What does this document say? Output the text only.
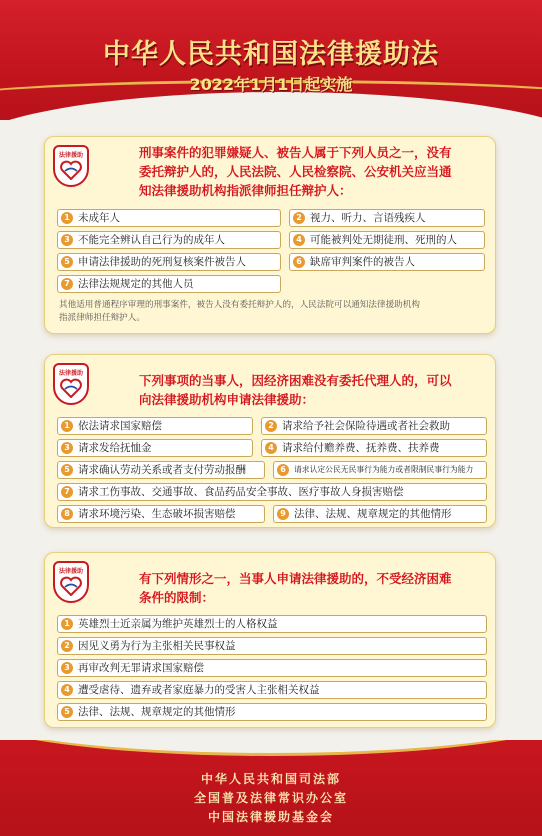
中华人民共和国法律援助法
2022年1月1日起实施
法律援助	刑事案件的犯罪嫌疑人、被告人属于下列人员之一，没有
委托辩护人的，人民法院、人民检察院、公安机关应当通
知法律援助机构指派律师担任辩护人：
1 未成年人	2 视力、听力、言语残疾人
3 不能完全辨认自己行为的成年人	4 可能被判处无期徒刑、死刑的人
5 申请法律援助的死刑复核案件被告人	6 缺席审判案件的被告人
7 法律法规规定的其他人员
其他适用普通程序审理的刑事案件，被告人没有委托辩护人的，人民法院可以通知法律援助机构
指派律师担任辩护人。
法律援助	下列事项的当事人，因经济困难没有委托代理人的，可以
向法律援助机构申请法律援助：
1 依法请求国家赔偿	2 请求给予社会保险待遇或者社会救助
3 请求发给抚恤金	4 请求给付赡养费、抚养费、扶养费
5 请求确认劳动关系或者支付劳动报酬	6	请求认定公民无民事行为能力或者限制民事行为能力
7 请求工伤事故、交通事故、食品药品安全事故、医疗事故人身损害赔偿
8 请求环境污染、生态破坏损害赔偿	9 法律、法规、规章规定的其他情形
法律援助	有下列情形之一，当事人申请法律援助的，不受经济困难
条件的限制：
1 英雄烈士近亲属为维护英雄烈士的人格权益
2 因见义勇为行为主张相关民事权益
3 再审改判无罪请求国家赔偿
4 遭受虐待、遗弃或者家庭暴力的受害人主张相关权益
5 法律、法规、规章规定的其他情形
中华人民共和国司法部
全国普及法律常识办公室
中国法律援助基金会
